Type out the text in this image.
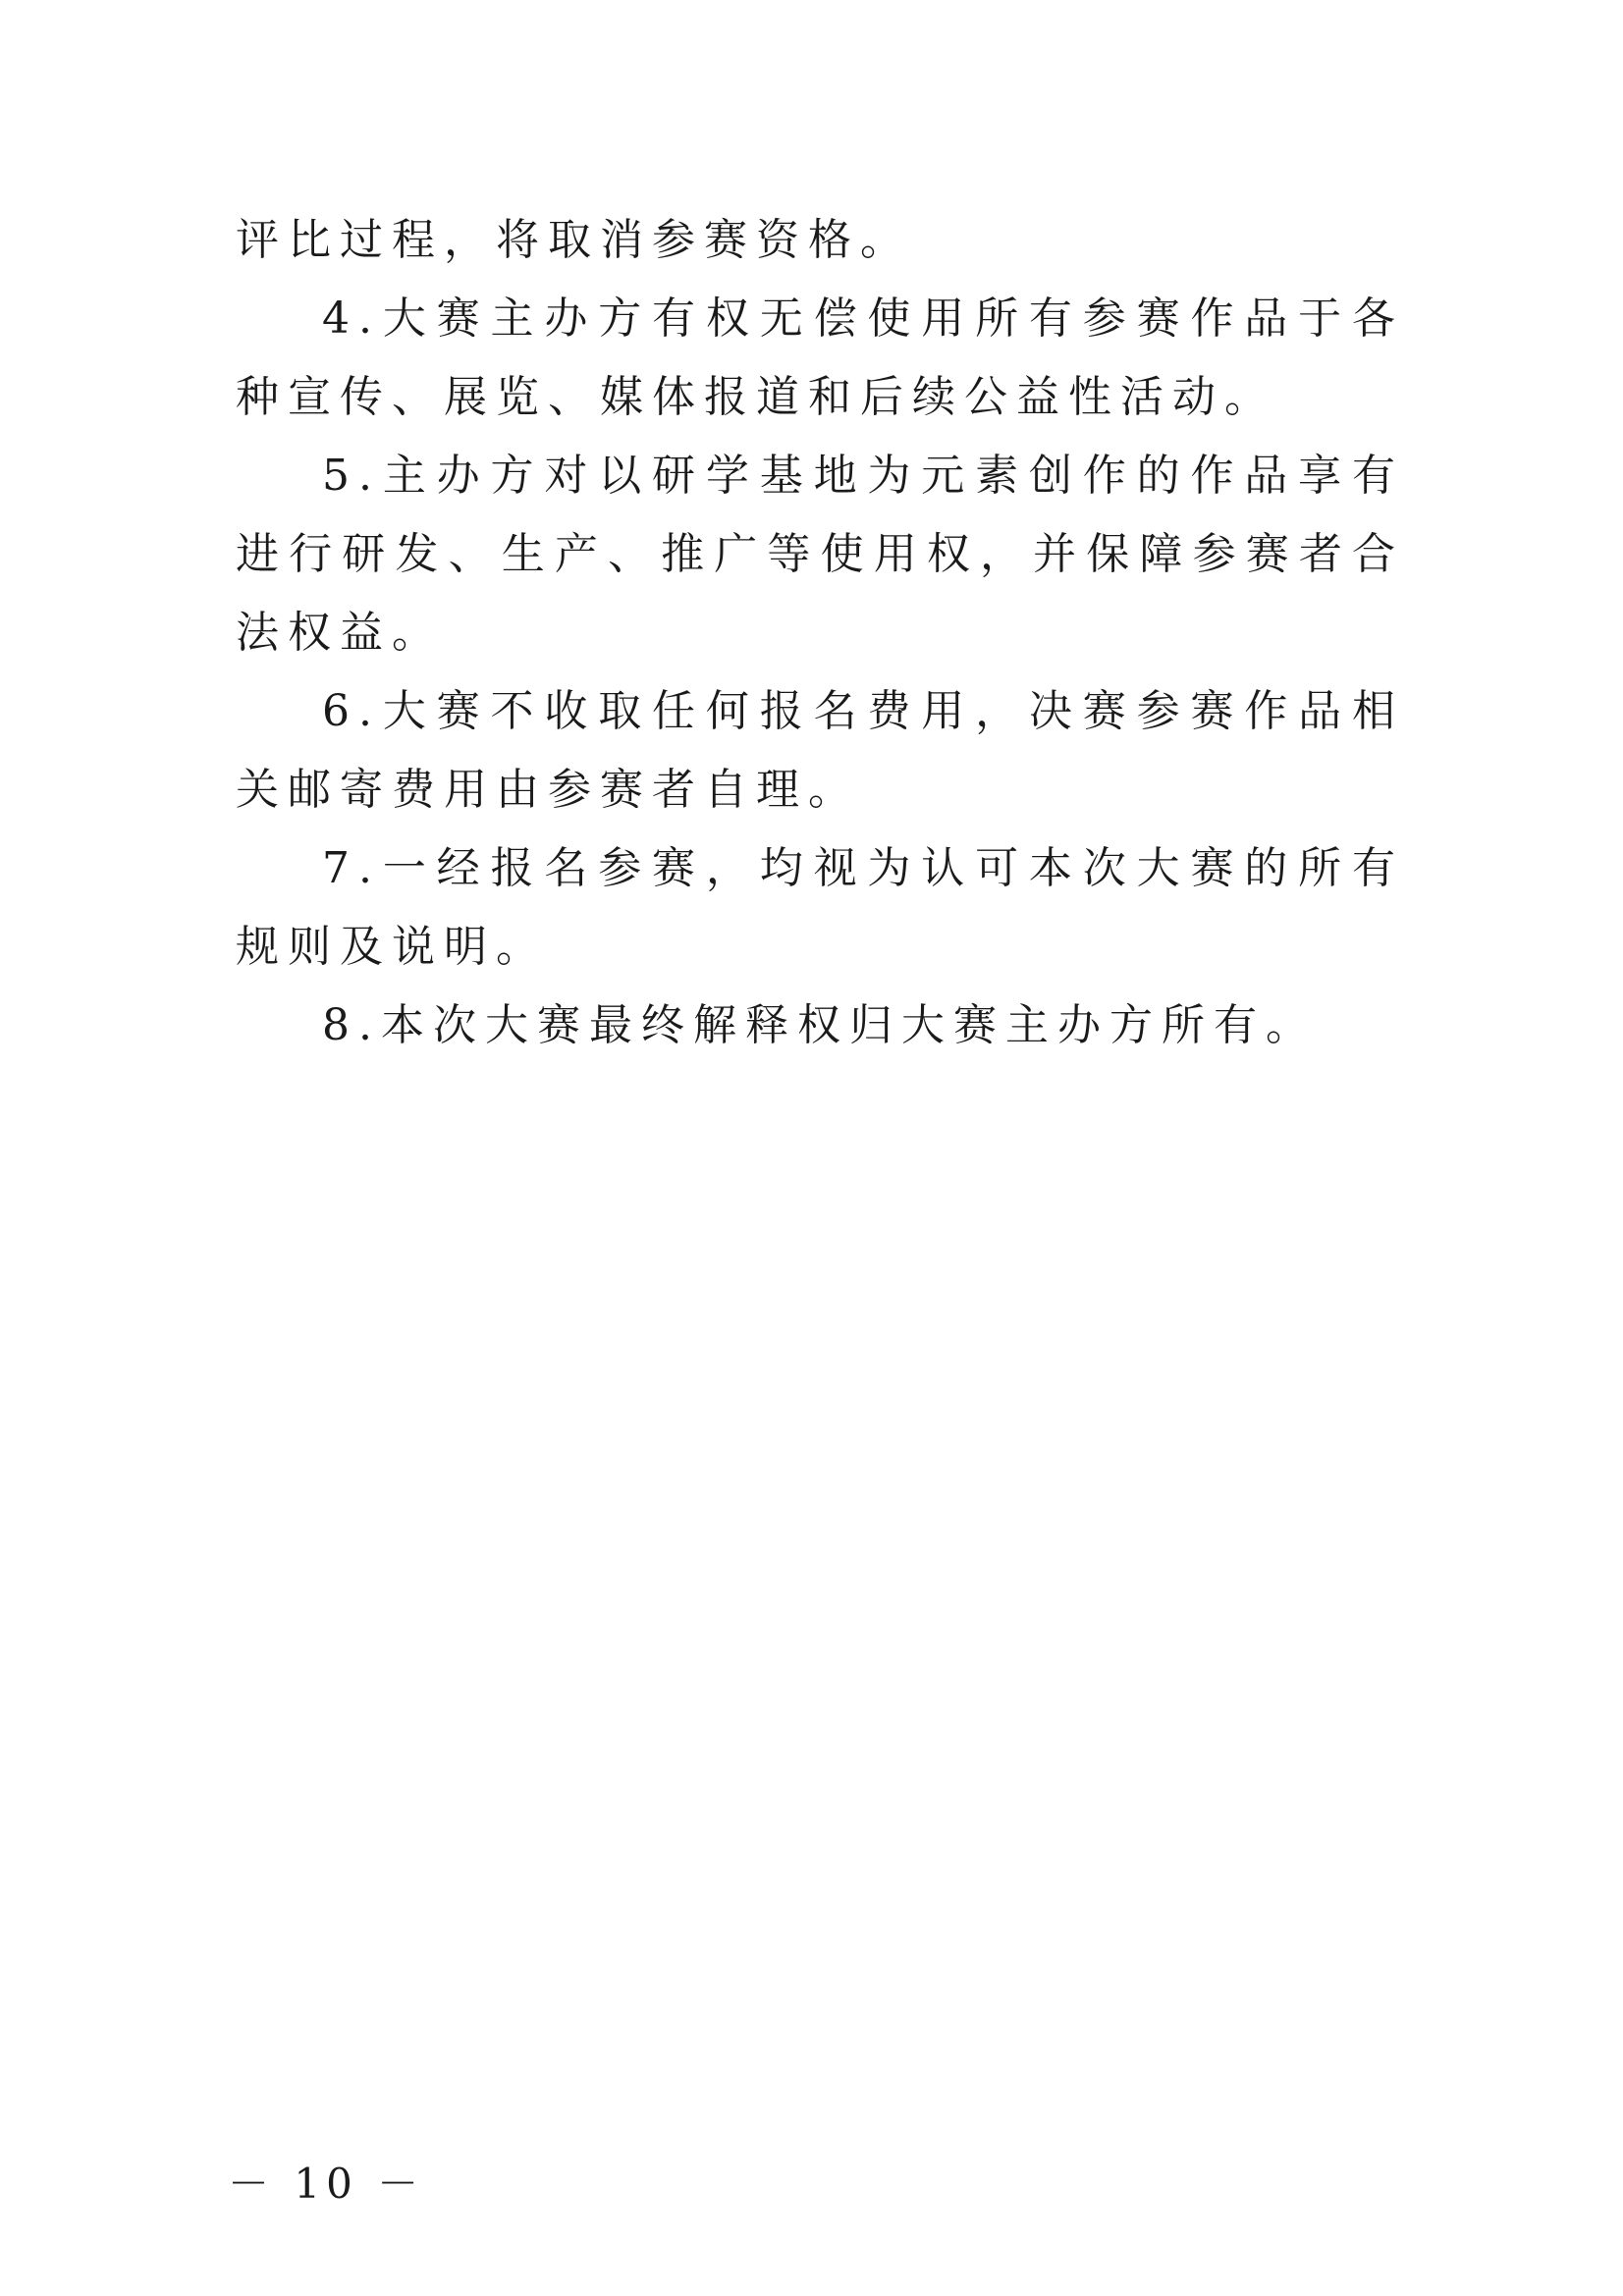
评比过程，将取消参赛资格。

4.大赛主办方有权无偿使用所有参赛作品于各种宣传、展览、媒体报道和后续公益性活动。

5.主办方对以研学基地为元素创作的作品享有进行研发、生产、推广等使用权，并保障参赛者合法权益。

6.大赛不收取任何报名费用，决赛参赛作品相关邮寄费用由参赛者自理。

7.一经报名参赛，均视为认可本次大赛的所有规则及说明。

8.本次大赛最终解释权归大赛主办方所有。

－ 10 －
